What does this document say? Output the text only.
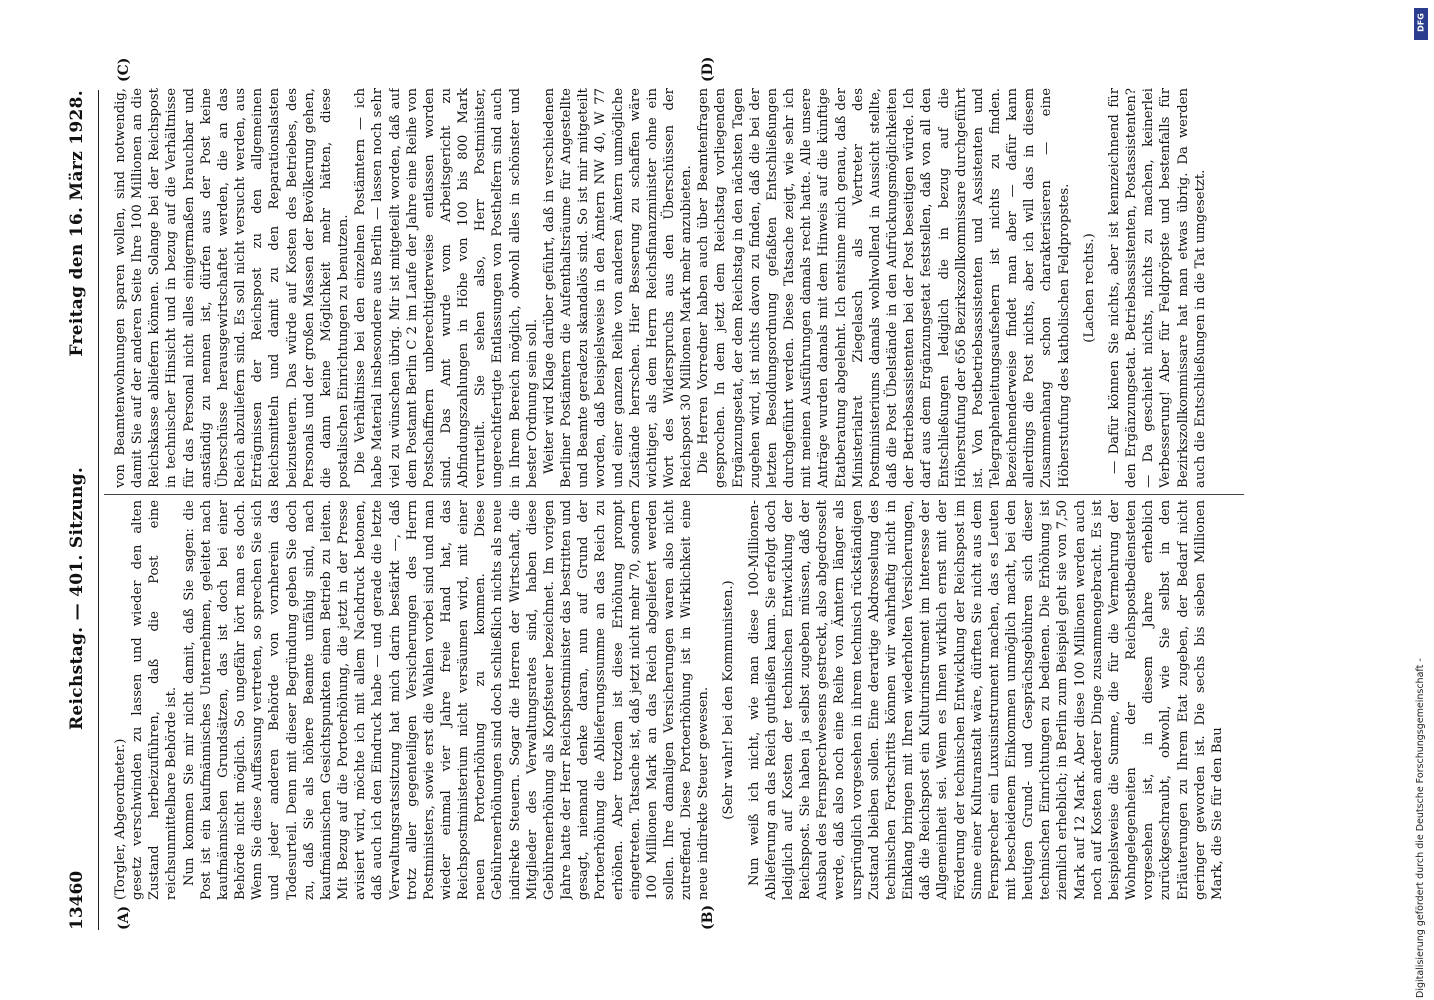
13460
Reichstag. — 401. Sitzung.
Freitag den 16. März 1928.
(A)	(B)
(C)	(D)

(Torgler, Abgeordneter.) gesetz verschwinden zu lassen und wieder den alten Zustand herbeizuführen, daß die Post eine reichsunmittelbare Behörde ist. Nun kommen Sie mir nicht damit, daß Sie sagen: die Post ist ein kaufmännisches Unternehmen, geleitet nach kaufmännischen Grundsätzen, das ist doch bei einer Behörde nicht möglich. So ungefähr hört man es doch. Wenn Sie diese Auffassung vertreten, so sprechen Sie sich und jeder anderen Behörde von vornherein das Todesurteil. Denn mit dieser Begründung geben Sie doch zu, daß Sie als höhere Beamte unfähig sind, nach kaufmännischen Gesichtspunkten einen Betrieb zu leiten. Mit Bezug auf die Portoerhöhung, die jetzt in der Presse avisiert wird, möchte ich mit allem Nachdruck betonen, daß auch ich den Eindruck habe — und gerade die letzte Verwaltungsratssitzung hat mich darin bestärkt —, daß trotz aller gegenteiligen Versicherungen des Herrn Postministers, sowie erst die Wahlen vorbei sind und man wieder einmal vier Jahre freie Hand hat, das Reichspostministerium nicht versäumen wird, mit einer neuen Portoerhöhung zu kommen. Diese Gebührenerhöhungen sind doch schließlich nichts als neue indirekte Steuern. Sogar die Herren der Wirtschaft, die Mitglieder des Verwaltungsrates sind, haben diese Gebührenerhöhung als Kopfsteuer bezeichnet. Im vorigen Jahre hatte der Herr Reichspostminister das bestritten und gesagt, niemand denke daran, nun auf Grund der Portoerhöhung die Ablieferungssumme an das Reich zu erhöhen. Aber trotzdem ist diese Erhöhung prompt eingetreten. Tatsache ist, daß jetzt nicht mehr 70, sondern 100 Millionen Mark an das Reich abgeliefert werden sollen. Ihre damaligen Versicherungen waren also nicht zutreffend. Diese Portoerhöhung ist in Wirklichkeit eine neue indirekte Steuer gewesen. (Sehr wahr! bei den Kommunisten.) Nun weiß ich nicht, wie man diese 100-Millionen-Ablieferung an das Reich gutheißen kann. Sie erfolgt doch lediglich auf Kosten der technischen Entwicklung der Reichspost. Sie haben ja selbst zugeben müssen, daß der Ausbau des Fernsprechwesens gestreckt, also abgedrosselt werde, daß also noch eine Reihe von Ämtern länger als ursprünglich vorgesehen in ihrem technisch rückständigen Zustand bleiben sollen. Eine derartige Abdrosselung des technischen Fortschritts können wir wahrhaftig nicht in Einklang bringen mit Ihren wiederholten Versicherungen, daß die Reichspost ein Kulturinstrument im Interesse der Allgemeinheit sei. Wenn es Ihnen wirklich ernst mit der Förderung der technischen Entwicklung der Reichspost im Sinne einer Kulturanstalt wäre, dürften Sie nicht aus dem Fernsprecher ein Luxusinstrument machen, das es Leuten mit bescheidenem Einkommen unmöglich macht, bei den heutigen Grund- und Gesprächsgebühren sich dieser technischen Einrichtungen zu bedienen. Die Erhöhung ist ziemlich erheblich; in Berlin zum Beispiel geht sie von 7,50 Mark auf 12 Mark. Aber diese 100 Millionen werden auch noch auf Kosten anderer Dinge zusammengebracht. Es ist beispielsweise die Summe, die für die Vermehrung der Wohngelegenheiten der Reichspostbediensteten vorgesehen ist, in diesem Jahre erheblich zurückgeschraubt, obwohl, wie Sie selbst in den Erläuterungen zu Ihrem Etat zugeben, der Bedarf nicht geringer geworden ist. Die sechs bis sieben Millionen Mark, die Sie für den Bau

von Beamtenwohnungen sparen wollen, sind notwendig, damit Sie auf der anderen Seite Ihre 100 Millionen an die Reichskasse abliefern können. Solange bei der Reichspost in technischer Hinsicht und in bezug auf die Verhältnisse für das Personal nicht alles einigermaßen brauchbar und anständig zu nennen ist, dürfen aus der Post keine Überschüsse herausgewirtschaftet werden, die an das Reich abzuliefern sind. Es soll nicht versucht werden, aus Erträgnissen der Reichspost zu den allgemeinen Reichsmitteln und damit zu den Reparationslasten beizusteuern. Das würde auf Kosten des Betriebes, des Personals und der großen Massen der Bevölkerung gehen, die dann keine Möglichkeit mehr hätten, diese postalischen Einrichtungen zu benutzen. Die Verhältnisse bei den einzelnen Postämtern — ich habe Material insbesondere aus Berlin — lassen noch sehr viel zu wünschen übrig. Mir ist mitgeteilt worden, daß auf dem Postamt Berlin C 2 im Laufe der Jahre eine Reihe von Postschaffnern unberechtigterweise entlassen worden sind. Das Amt wurde vom Arbeitsgericht zu Abfindungszahlungen in Höhe von 100 bis 800 Mark verurteilt. Sie sehen also, Herr Postminister, ungerechtfertigte Entlassungen von Posthelfern sind auch in Ihrem Bereich möglich, obwohl alles in schönster und bester Ordnung sein soll. Weiter wird Klage darüber geführt, daß in verschiedenen Berliner Postämtern die Aufenthaltsräume für Angestellte und Beamte geradezu skandalös sind. So ist mir mitgeteilt worden, daß beispielsweise in den Ämtern NW 40, W 77 und einer ganzen Reihe von anderen Ämtern unmögliche Zustände herrschen. Hier Besserung zu schaffen wäre wichtiger, als dem Herrn Reichsfinanzminister ohne ein Wort des Widerspruchs aus den Überschüssen der Reichspost 30 Millionen Mark mehr anzubieten. Die Herren Vorredner haben auch über Beamtenfragen gesprochen. In dem jetzt dem Reichstag vorliegenden Ergänzungsetat, der dem Reichstag in den nächsten Tagen zugehen wird, ist nichts davon zu finden, daß die bei der letzten Besoldungsordnung gefaßten Entschließungen durchgeführt werden. Diese Tatsache zeigt, wie sehr ich mit meinen Ausführungen damals recht hatte. Alle unsere Anträge wurden damals mit dem Hinweis auf die künftige Etatberatung abgelehnt. Ich entsinne mich genau, daß der Ministerialrat Ziegelasch als Vertreter des Postministeriums damals wohlwollend in Aussicht stellte, daß die Post Übelstände in den Aufrückungsmöglichkeiten der Betriebsassistenten bei der Post beseitigen würde. Ich darf aus dem Ergänzungsetat feststellen, daß von all den Entschließungen lediglich die in bezug auf die Höherstufung der 656 Bezirkszollkommissare durchgeführt ist. Von Postbetriebsassistenten und Assistenten und Telegraphenleitungsaufsehern ist nichts zu finden. Bezeichnenderweise findet man aber — dafür kann allerdings die Post nichts, aber ich will das in diesem Zusammenhang schon charakterisieren — eine Höherstufung des katholischen Feldpropstes. (Lachen rechts.) — Dafür können Sie nichts, aber ist kennzeichnend für den Ergänzungsetat. Betriebsassistenten, Postassistenten? — Da geschieht nichts, nichts zu machen, keinerlei Verbesserung! Aber für Feldpröpste und bestenfalls für Bezirkszollkommissare hat man etwas übrig. Da werden auch die Entschließungen in die Tat umgesetzt.

Digitalisierung gefördert durch die Deutsche Forschungsgemeinschaft -
DFG
